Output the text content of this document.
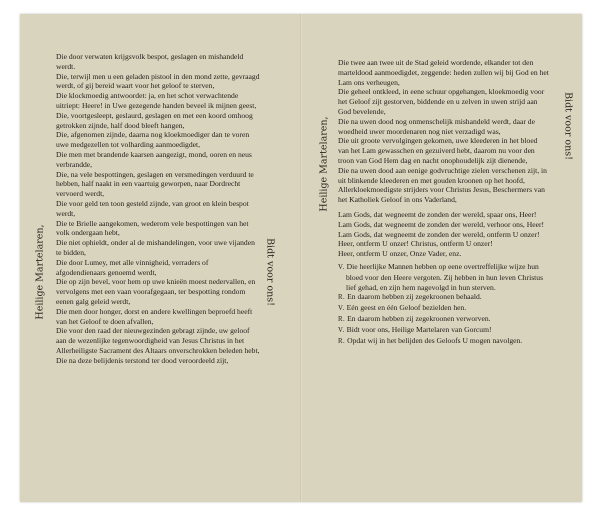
Heilige Martelaren,	Bidt voor ons!

Die door verwaten krijgsvolk bespot, geslagen en mishandeld werdt.

Die, terwijl men u een geladen pistool in den mond zette, gevraagd werdt, of gij bereid waart voor het geloof te sterven,

Die klockmoedig antwoordet: ja, en het schot verwachtende uitriept: Heere! in Uwe gezegende handen beveel ik mijnen geest,

Die, voortgesleept, geslaurd, geslagen en met een koord omhoog getrokken zijnde, half dood bleeft hangen,

Die, afgenomen zijnde, daarna nog kloekmoediger dan te voren uwe medgezellen tot volharding aanmoedigdet,

Die men met brandende kaarsen aangezigt, mond, ooren en neus verbrandde,

Die, na vele bespottingen, geslagen en versmedingen verduurd te hebben, half naakt in een vaartuig geworpen, naar Dordrecht vervoerd werdt,

Die voor geld ten toon gesteld zijnde, van groot en klein bespot werdt,

Die te Brielle aangekomen, wederom vele bespottingen van het volk ondergaan hebt,

Die niet ophieldt, onder al de mishandelingen, voor uwe vijanden te bidden,

Die door Lumey, met alle vinnigheid, verraders of afgodendienaars genoemd werdt,

Die op zijn bevel, voor hem op uwe knieën moest nedervallen, en vervolgens met een vaan voorafgegaan, ter bespotting rondom eenen galg geleid werdt,

Die men door honger, dorst en andere kwellingen beproefd heeft van het Geloof te doen afvallen,

Die voor den raad der nieuwgezinden gebragt zijnde, uw geloof aan de wezenlijke tegenwoordigheid van Jesus Christus in het Allerheiligste Sacrament des Altaars onverschrokken beleden hebt,

Die na deze belijdenis terstond ter dood veroordeeld zijt,

Heilige Martelaren,	Bidt voor ons!

Die twee aan twee uit de Stad geleid wordende, elkander tot den marteldood aanmoedigdet, zeggende: heden zullen wij bij God en het Lam ons verheugen,

Die geheel ontkleed, in eene schuur opgehangen, kloekmoedig voor het Geloof zijt gestorven, biddende en u zelven in uwen strijd aan God bevelende,

Die na uwen dood nog onmenschelijk mishandeld werdt, daar de woedheid uwer moordenaren nog niet verzadigd was,

Die uit groote vervolgingen gekomen, uwe kleederen in het bloed van het Lam gewasschen en gezuiverd hebt, daarom nu voor den troon van God Hem dag en nacht onophoudelijk zijt dienende,

Die na uwen dood aan eenige godvruchtige zielen verschenen zijt, in uit blinkende kleederen en met gouden kroonen op het hoofd,

Allerkloekmoedigste strijders voor Christus Jesus, Beschermers van het Katholiek Geloof in ons Vaderland,

Lam Gods, dat wegneemt de zonden der wereld, spaar ons, Heer!

Lam Gods, dat wegneemt de zonden der wereld, verhoor ons, Heer!

Lam Gods, dat wegneemt de zonden der wereld, ontferm U onzer!

Heer, ontferm U onzer! Christus, ontferm U onzer!

Heer, ontferm U onzer, Onze Vader, enz.

V. Die heerlijke Mannen hebben op eene overtreffelijke wijze hun bloed voor den Heere vergoten. Zij hebben in hun leven Christus lief gehad, en zijn hem nagevolgd in hun sterven.

R. En daarom hebben zij zegekroonen behaald.

V. Eén geest en één Geloof bezielden hen.

R. En daarom hebben zij zegekroonen verworven.

V. Bidt voor ons, Heilige Martelaren van Gorcum!

R. Opdat wij in het belijden des Geloofs U mogen navolgen.
